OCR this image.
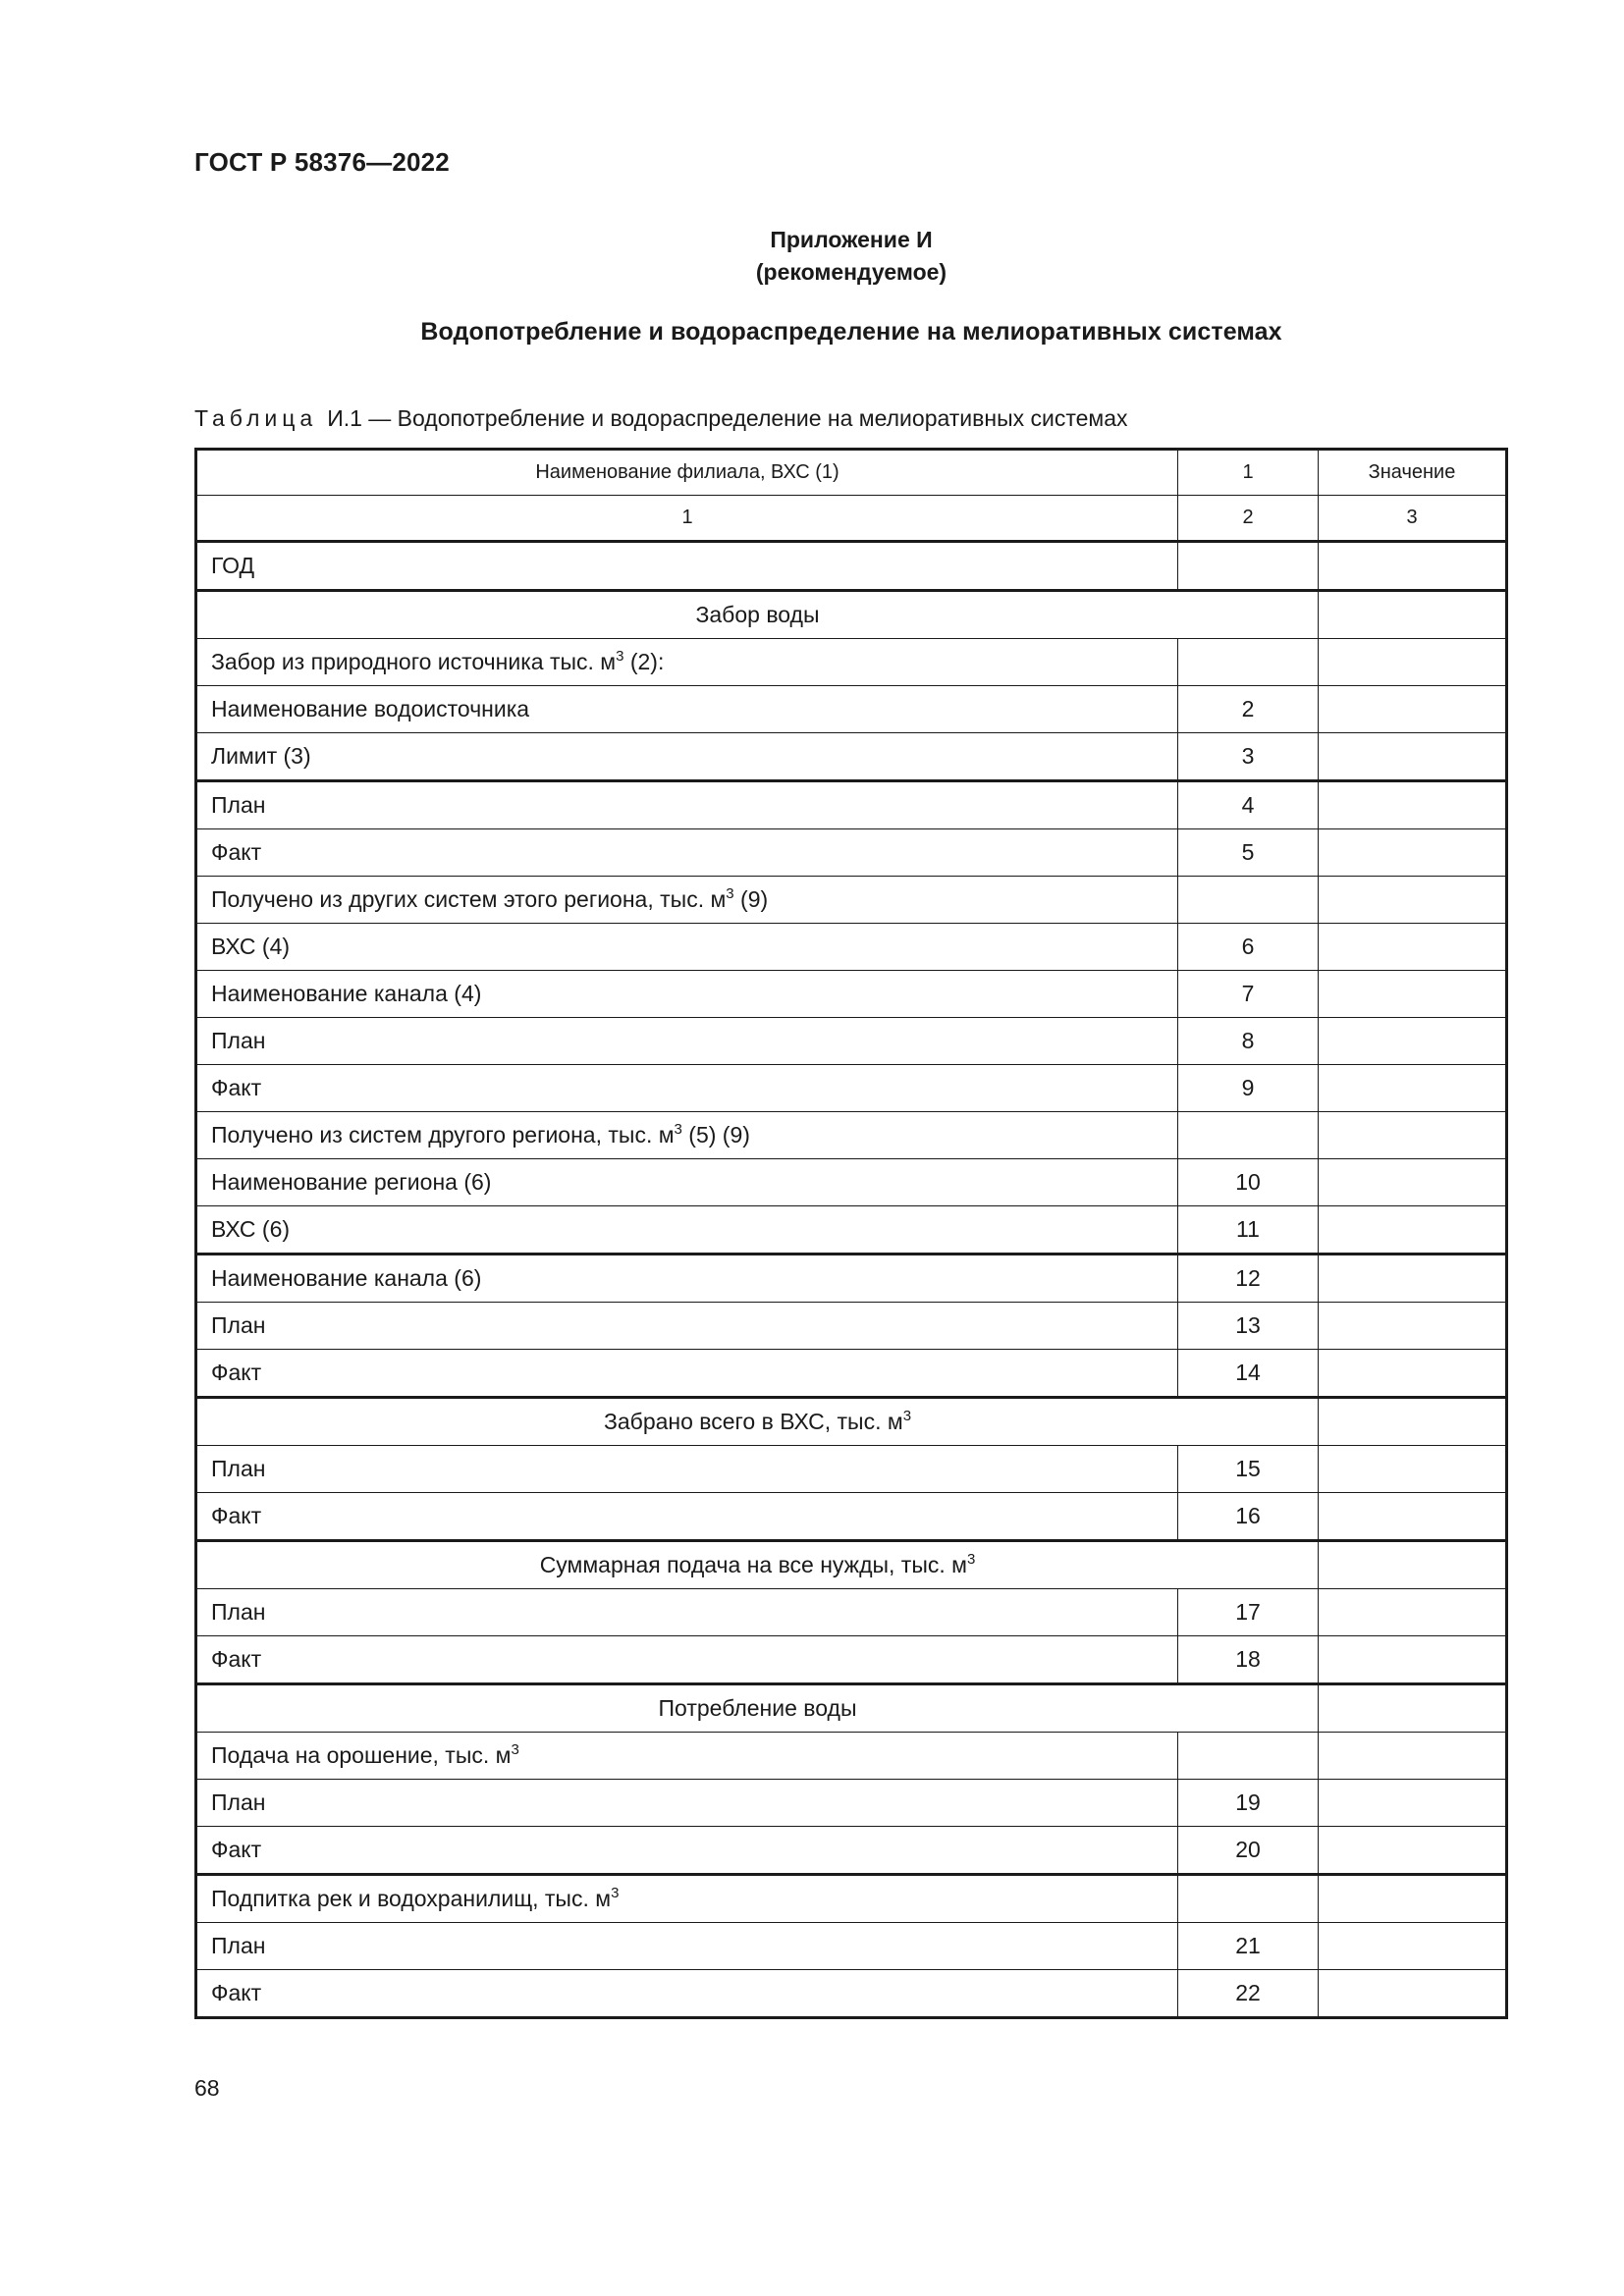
ГОСТ Р 58376—2022
Приложение И
(рекомендуемое)
Водопотребление и водораспределение на мелиоративных системах
Таблица И.1 — Водопотребление и водораспределение на мелиоративных системах
Наименование филиала, ВХС (1)	1	Значение
1	2	3
ГОД		
Забор воды		
Забор из природного источника тыс. $м^3$ (2):		
Наименование водоисточника	2	
Лимит (3)	3	
План	4	
Факт	5	
Получено из других систем этого региона, тыс. $м^3$ (9)		
ВХС (4)	6	
Наименование канала (4)	7	
План	8	
Факт	9	
Получено из систем другого региона, тыс. $м^3$ (5) (9)		
Наименование региона (6)	10	
ВХС (6)	11	
Наименование канала (6)	12	
План	13	
Факт	14	
Забрано всего в ВХС, тыс. $м^3$	
План	15	
Факт	16	
Суммарная подача на все нужды, тыс. $м^3$	
План	17	
Факт	18	
Потребление воды		
Подача на орошение, тыс. $м^3$		
План	19	
Факт	20	
Подпитка рек и водохранилищ, тыс. $м^3$		
План	21	
Факт	22	
68
